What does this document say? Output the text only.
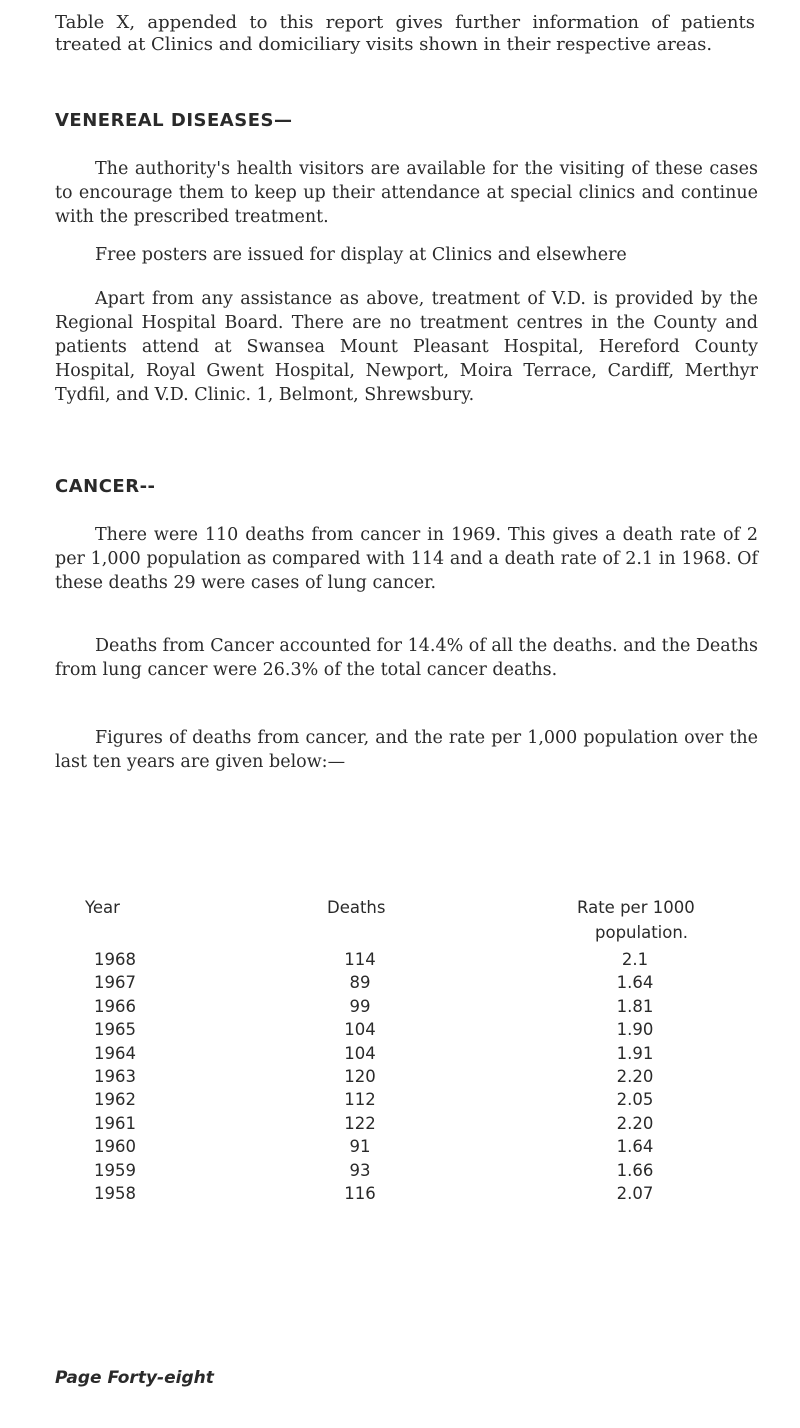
Table X, appended to this report gives further information of patients treated at Clinics and domiciliary visits shown in their respective areas.

VENEREAL DISEASES—

The authority's health visitors are available for the visiting of these cases to encourage them to keep up their attendance at special clinics and continue with the prescribed treatment.

Free posters are issued for display at Clinics and elsewhere

Apart from any assistance as above, treatment of V.D. is provided by the Regional Hospital Board. There are no treatment centres in the County and patients attend at Swansea Mount Pleasant Hospital, Hereford County Hospital, Royal Gwent Hospital, Newport, Moira Terrace, Cardiff, Merthyr Tydfil, and V.D. Clinic. 1, Belmont, Shrewsbury.

CANCER--

There were 110 deaths from cancer in 1969. This gives a death rate of 2 per 1,000 population as compared with 114 and a death rate of 2.1 in 1968. Of these deaths 29 were cases of lung cancer.

Deaths from Cancer accounted for 14.4% of all the deaths. and the Deaths from lung cancer were 26.3% of the total cancer deaths.

Figures of deaths from cancer, and the rate per 1,000 population over the last ten years are given below:—

Year	Deaths	Rate per 1000
population.
1968	114	2.1
1967	89	1.64
1966	99	1.81
1965	104	1.90
1964	104	1.91
1963	120	2.20
1962	112	2.05
1961	122	2.20
1960	91	1.64
1959	93	1.66
1958	116	2.07
Page Forty-eight
